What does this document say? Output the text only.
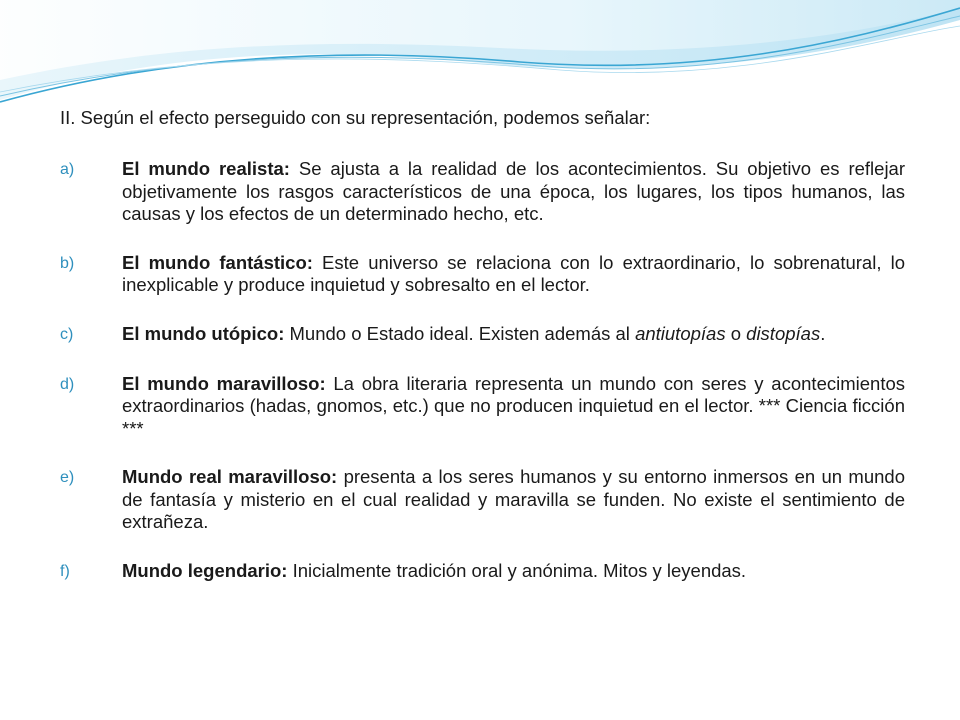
II. Según el efecto perseguido con su representación, podemos señalar:

a)	El mundo realista: Se ajusta a la realidad de los acontecimientos. Su objetivo es reflejar objetivamente los rasgos característicos de una época, los lugares, los tipos humanos, las causas y los efectos de un determinado hecho, etc.
b)	El mundo fantástico: Este universo se relaciona con lo extraordinario, lo sobrenatural, lo inexplicable y produce inquietud y sobresalto en el lector.
c)	El mundo utópico: Mundo o Estado ideal. Existen además al antiutopías o distopías.
d)	El mundo maravilloso: La obra literaria representa un mundo con seres y acontecimientos extraordinarios (hadas, gnomos, etc.) que no producen inquietud en el lector. *** Ciencia ficción ***
e)	Mundo real maravilloso: presenta a los seres humanos y su entorno inmersos en un mundo de fantasía y misterio en el cual realidad y maravilla se funden. No existe el sentimiento de extrañeza.
f)	Mundo legendario: Inicialmente tradición oral y anónima. Mitos y leyendas.
